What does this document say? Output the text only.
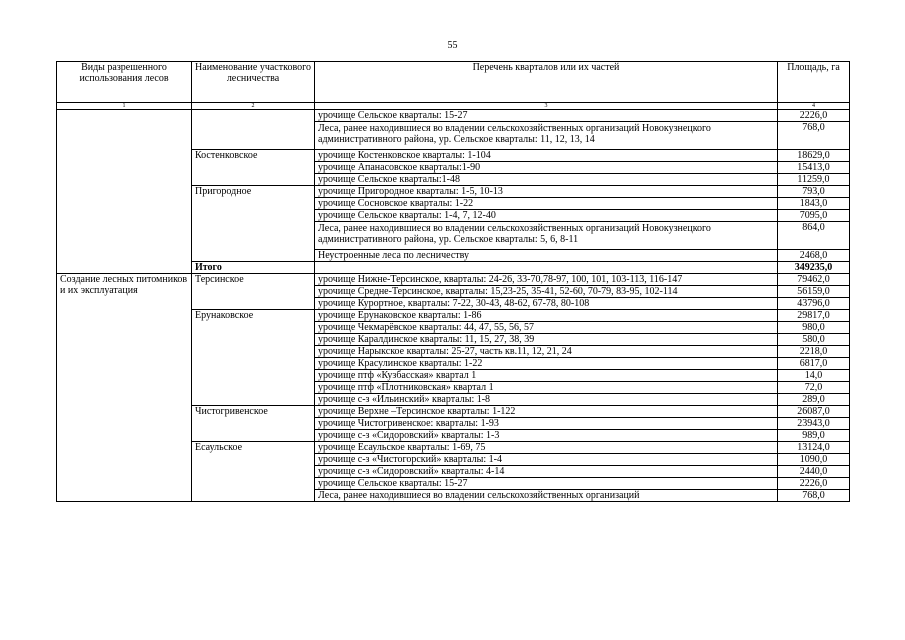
55
Виды разрешенного использования лесов	Наименование участкового лесничества	Перечень кварталов или их частей	Площадь, га
1	2	3	4
		урочище Сельское кварталы: 15-27	2226,0
		Леса, ранее находившиеся во владении сельскохозяйственных организаций Новокузнецкого административного района, ур. Сельское кварталы: 11, 12, 13, 14	768,0
	Костенковское	урочище Костенковское кварталы: 1-104	18629,0
		урочище Апанасовское кварталы:1-90	15413,0
		урочище Сельское кварталы:1-48	11259,0
	Пригородное	урочище Пригородное кварталы: 1-5, 10-13	793,0
		урочище Сосновское кварталы: 1-22	1843,0
		урочище Сельское кварталы: 1-4, 7, 12-40	7095,0
		Леса, ранее находившиеся во владении сельскохозяйственных организаций Новокузнецкого административного района, ур. Сельское кварталы: 5, 6, 8-11	864,0
		Неустроенные леса по лесничеству	2468,0
	Итого		349235,0
Создание лесных питомников и их эксплуатация	Терсинское	урочище Нижне-Терсинское, кварталы: 24-26, 33-70,78-97, 100, 101, 103-113, 116-147	79462,0
		урочище Средне-Терсинское, кварталы: 15,23-25, 35-41, 52-60, 70-79, 83-95, 102-114	56159,0
		урочище Курортное, кварталы: 7-22, 30-43, 48-62, 67-78, 80-108	43796,0
	Ерунаковское	урочище Ерунаковское кварталы: 1-86	29817,0
		урочище Чекмарёвское кварталы: 44, 47, 55, 56, 57	980,0
		урочище Каралдинское кварталы: 11, 15, 27, 38, 39	580,0
		урочище Нарыкское кварталы: 25-27, часть кв.11, 12, 21, 24	2218,0
		урочище Красулинское кварталы: 1-22	6817,0
		урочище птф «Кузбасская» квартал 1	14,0
		урочище птф «Плотниковская» квартал 1	72,0
		урочище с-з «Ильинский» кварталы: 1-8	289,0
	Чистогривенское	урочище Верхне –Терсинское кварталы: 1-122	26087,0
		урочище Чистогривенское: кварталы: 1-93	23943,0
		урочище с-з «Сидоровский» кварталы: 1-3	989,0
	Есаульское	урочище Есаульское кварталы: 1-69, 75	13124,0
		урочище с-з «Чистогорский» кварталы: 1-4	1090,0
		урочище с-з «Сидоровский» кварталы: 4-14	2440,0
		урочище Сельское кварталы: 15-27	2226,0
		Леса, ранее находившиеся во владении сельскохозяйственных организаций	768,0
